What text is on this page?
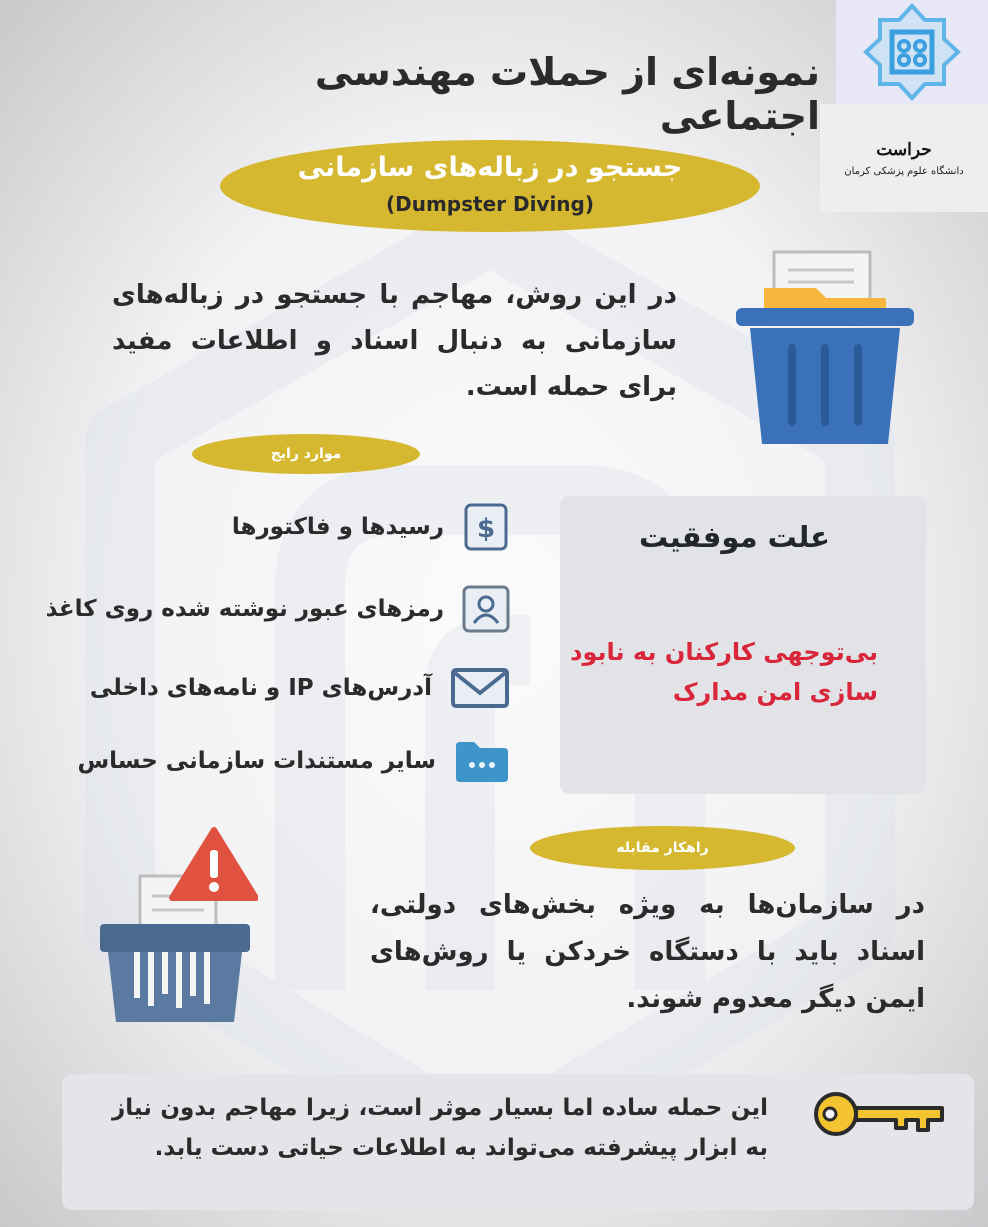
نمونه‌ای از حملات مهندسی اجتماعی
حراست
دانشگاه علوم پزشکی کرمان
جستجو در زباله‌های سازمانی
(Dumpster Diving)
در این روش، مهاجم با جستجو در زباله‌های سازمانی به دنبال اسناد و اطلاعات مفید برای حمله است.
موارد رایج
$
رسیدها و فاکتورها
رمزهای عبور نوشته شده روی کاغذ
آدرس‌های IP و نامه‌های داخلی
سایر مستندات سازمانی حساس
علت موفقیت
بی‌توجهی کارکنان به نابود سازی امن مدارک
راهکار مقابله
در سازمان‌ها به ویژه بخش‌های دولتی، اسناد باید با دستگاه خردکن یا روش‌های ایمن دیگر معدوم شوند.
این حمله ساده اما بسیار موثر است، زیرا مهاجم بدون نیاز به ابزار پیشرفته می‌تواند به اطلاعات حیاتی دست یابد.
